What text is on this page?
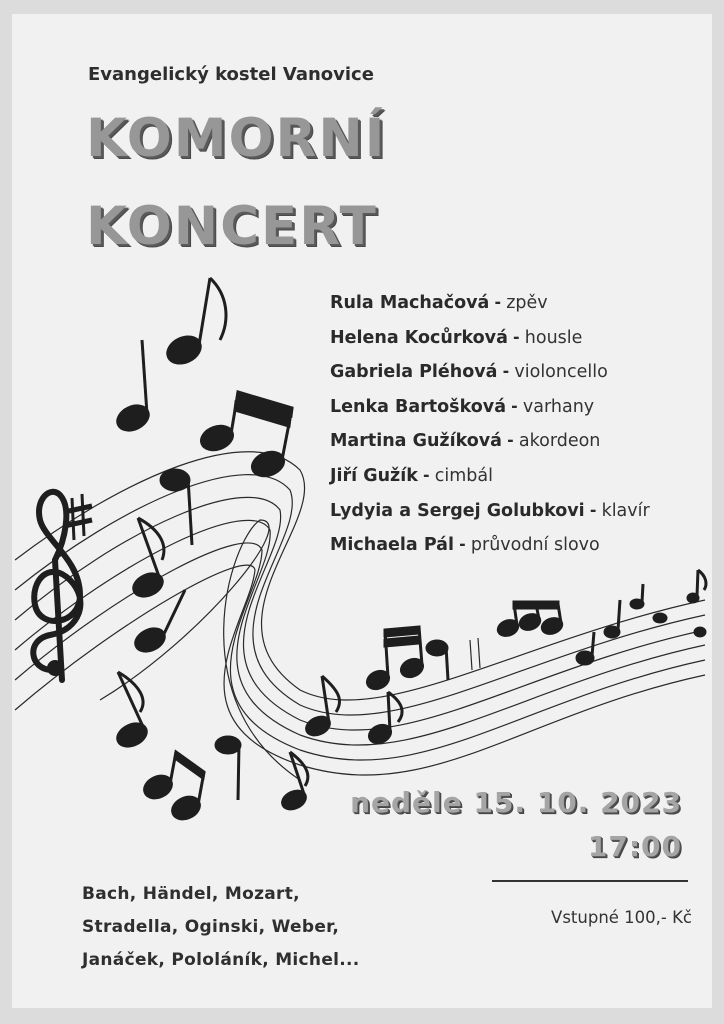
Evangelický kostel Vanovice
KOMORNÍ
KONCERT
Rula Machačová - zpěv
Helena Kocůrková - housle
Gabriela Pléhová - violoncello
Lenka Bartošková - varhany
Martina Gužíková - akordeon
Jiří Gužík - cimbál
Lydyia a Sergej Golubkovi - klavír
Michaela Pál - průvodní slovo
neděle 15. 10. 2023
17:00
Vstupné 100,- Kč
Bach, Händel, Mozart,
Stradella, Oginski, Weber,
Janáček, Pololáník, Michel...
